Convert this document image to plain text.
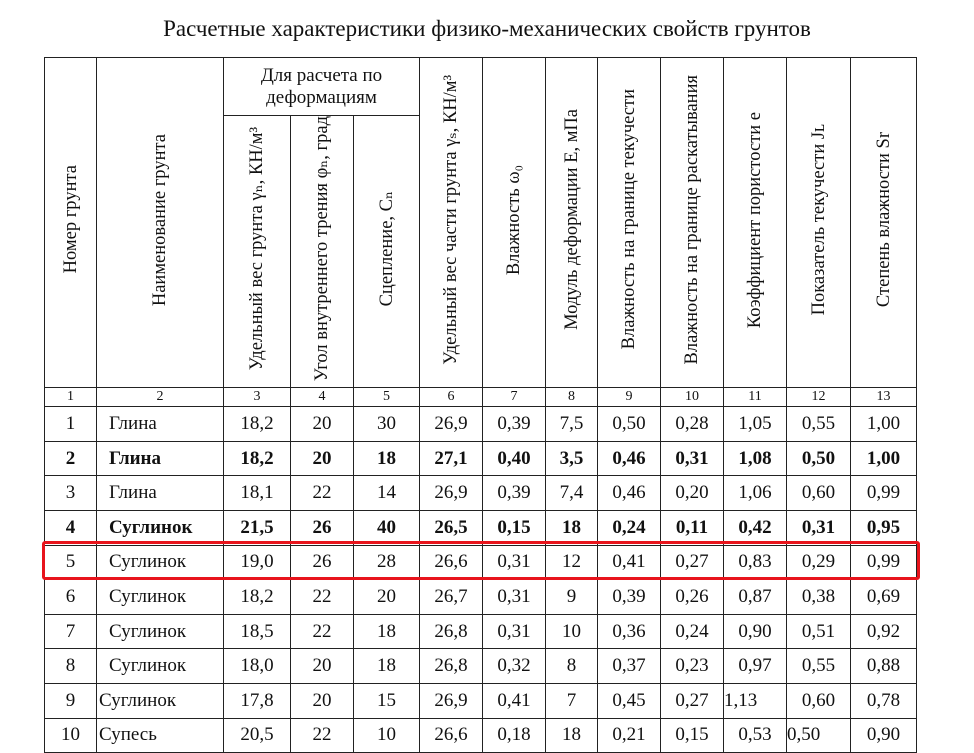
Расчетные характеристики физико-механических свойств грунтов
Номер грунта	Наименование грунта	Для расчета по деформациям			Удельный вес части грунта γₛ, КН/м³	Влажность ω₀	Модуль деформации E, мПа	Влажность на границе текучести	Влажность на границе раскатывания	Коэффициент пористости e	Показатель текучести Jʟ	Степень влажности Sr
		Удельный вес грунта γₙ, КН/м³	Угол внутреннего трения φₙ, град	Сцепление, Cₙ								
1	2	3	4	5	6	7	8	9	10	11	12	13
1	Глина	18,2	20	30	26,9	0,39	7,5	0,50	0,28	1,05	0,55	1,00
2	Глина	18,2	20	18	27,1	0,40	3,5	0,46	0,31	1,08	0,50	1,00
3	Глина	18,1	22	14	26,9	0,39	7,4	0,46	0,20	1,06	0,60	0,99
4	Суглинок	21,5	26	40	26,5	0,15	18	0,24	0,11	0,42	0,31	0,95
5	Суглинок	19,0	26	28	26,6	0,31	12	0,41	0,27	0,83	0,29	0,99
6	Суглинок	18,2	22	20	26,7	0,31	9	0,39	0,26	0,87	0,38	0,69
7	Суглинок	18,5	22	18	26,8	0,31	10	0,36	0,24	0,90	0,51	0,92
8	Суглинок	18,0	20	18	26,8	0,32	8	0,37	0,23	0,97	0,55	0,88
9	Суглинок	17,8	20	15	26,9	0,41	7	0,45	0,27	1,13	0,60	0,78
10	Супесь	20,5	22	10	26,6	0,18	18	0,21	0,15	0,53	0,50	0,90
